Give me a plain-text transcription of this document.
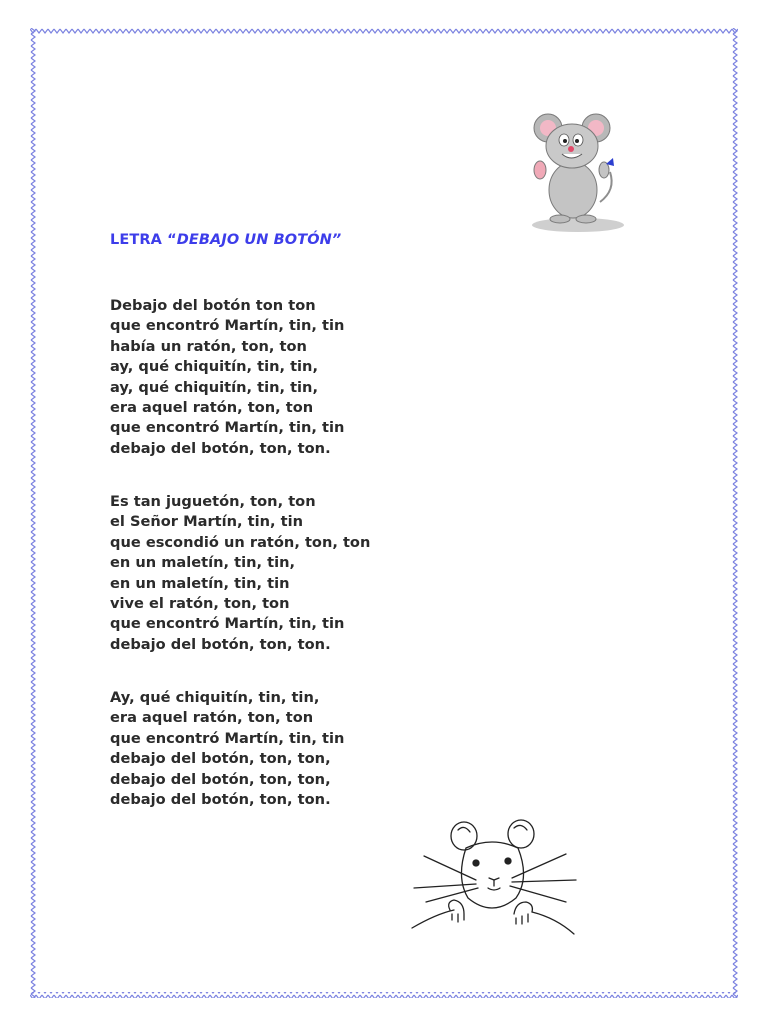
LETRA “DEBAJO UN BOTÓN”
Debajo del botón ton ton
que encontró Martín, tin, tin
había un ratón, ton, ton
ay, qué chiquitín, tin, tin,
ay, qué chiquitín, tin, tin,
era aquel ratón, ton, ton
que encontró Martín, tin, tin
debajo del botón, ton, ton.
Es tan juguetón, ton, ton
el Señor Martín, tin, tin
que escondió un ratón, ton, ton
en un maletín, tin, tin,
en un maletín, tin, tin
vive el ratón, ton, ton
que encontró Martín, tin, tin
debajo del botón, ton, ton.
Ay, qué chiquitín, tin, tin,
era aquel ratón, ton, ton
que encontró Martín, tin, tin
debajo del botón, ton, ton,
debajo del botón, ton, ton,
debajo del botón, ton, ton.
